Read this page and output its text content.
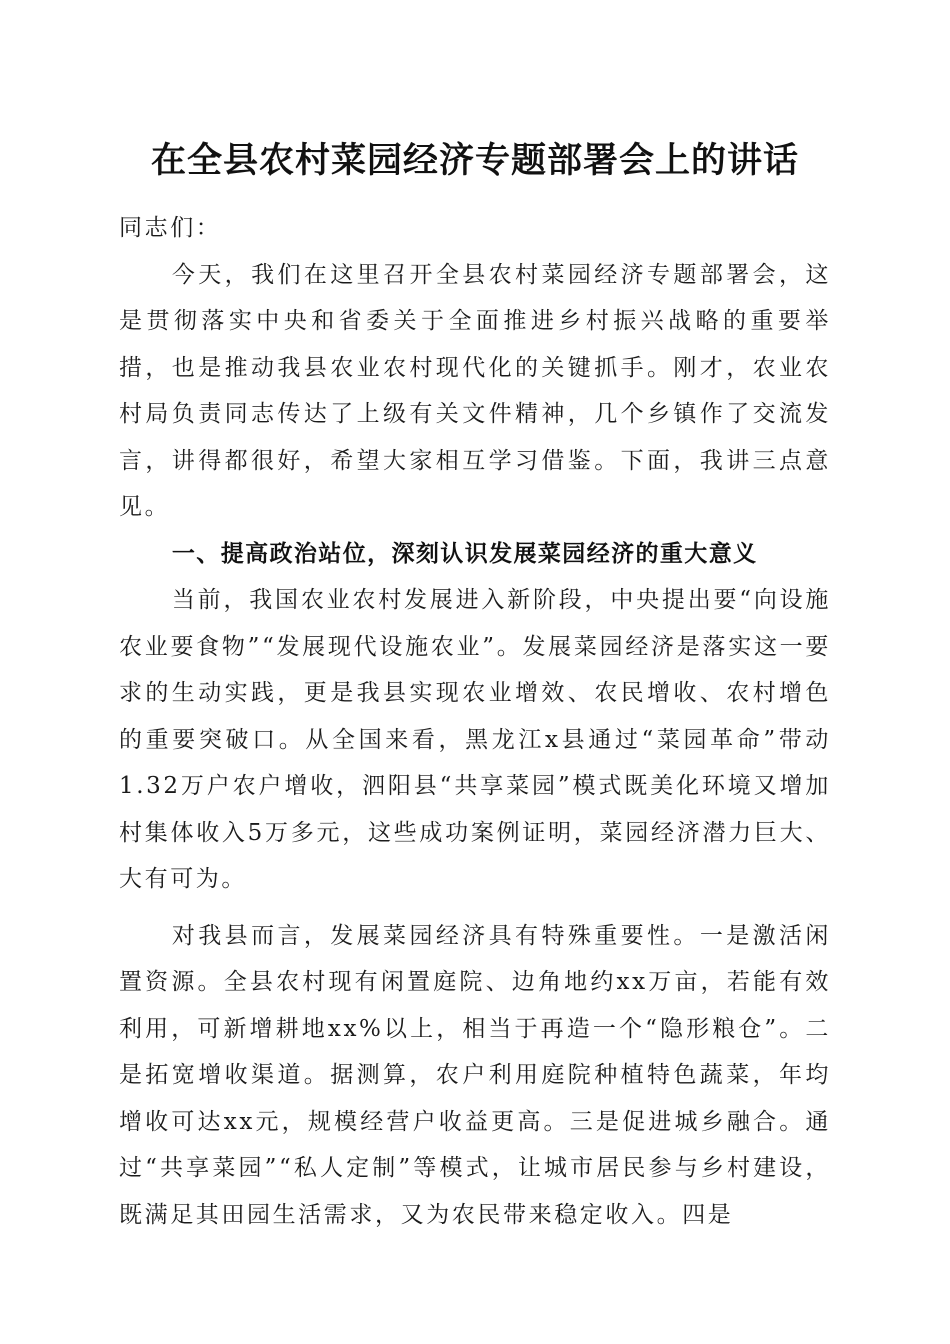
在全县农村菜园经济专题部署会上的讲话

同志们：

今天，我们在这里召开全县农村菜园经济专题部署会，这是贯彻落实中央和省委关于全面推进乡村振兴战略的重要举措，也是推动我县农业农村现代化的关键抓手。刚才，农业农村局负责同志传达了上级有关文件精神，几个乡镇作了交流发言，讲得都很好，希望大家相互学习借鉴。下面，我讲三点意见。

一、提高政治站位，深刻认识发展菜园经济的重大意义

当前，我国农业农村发展进入新阶段，中央提出要“向设施农业要食物”“发展现代设施农业”。发展菜园经济是落实这一要求的生动实践，更是我县实现农业增效、农民增收、农村增色的重要突破口。从全国来看，黑龙江x县通过“菜园革命”带动1.32万户农户增收，泗阳县“共享菜园”模式既美化环境又增加村集体收入5万多元，这些成功案例证明，菜园经济潜力巨大、大有可为。

对我县而言，发展菜园经济具有特殊重要性。一是激活闲置资源。全县农村现有闲置庭院、边角地约xx万亩，若能有效利用，可新增耕地xx%以上，相当于再造一个“隐形粮仓”。二是拓宽增收渠道。据测算，农户利用庭院种植特色蔬菜，年均增收可达xx元，规模经营户收益更高。三是促进城乡融合。通过“共享菜园”“私人定制”等模式，让城市居民参与乡村建设，既满足其田园生活需求，又为农民带来稳定收入。四是
